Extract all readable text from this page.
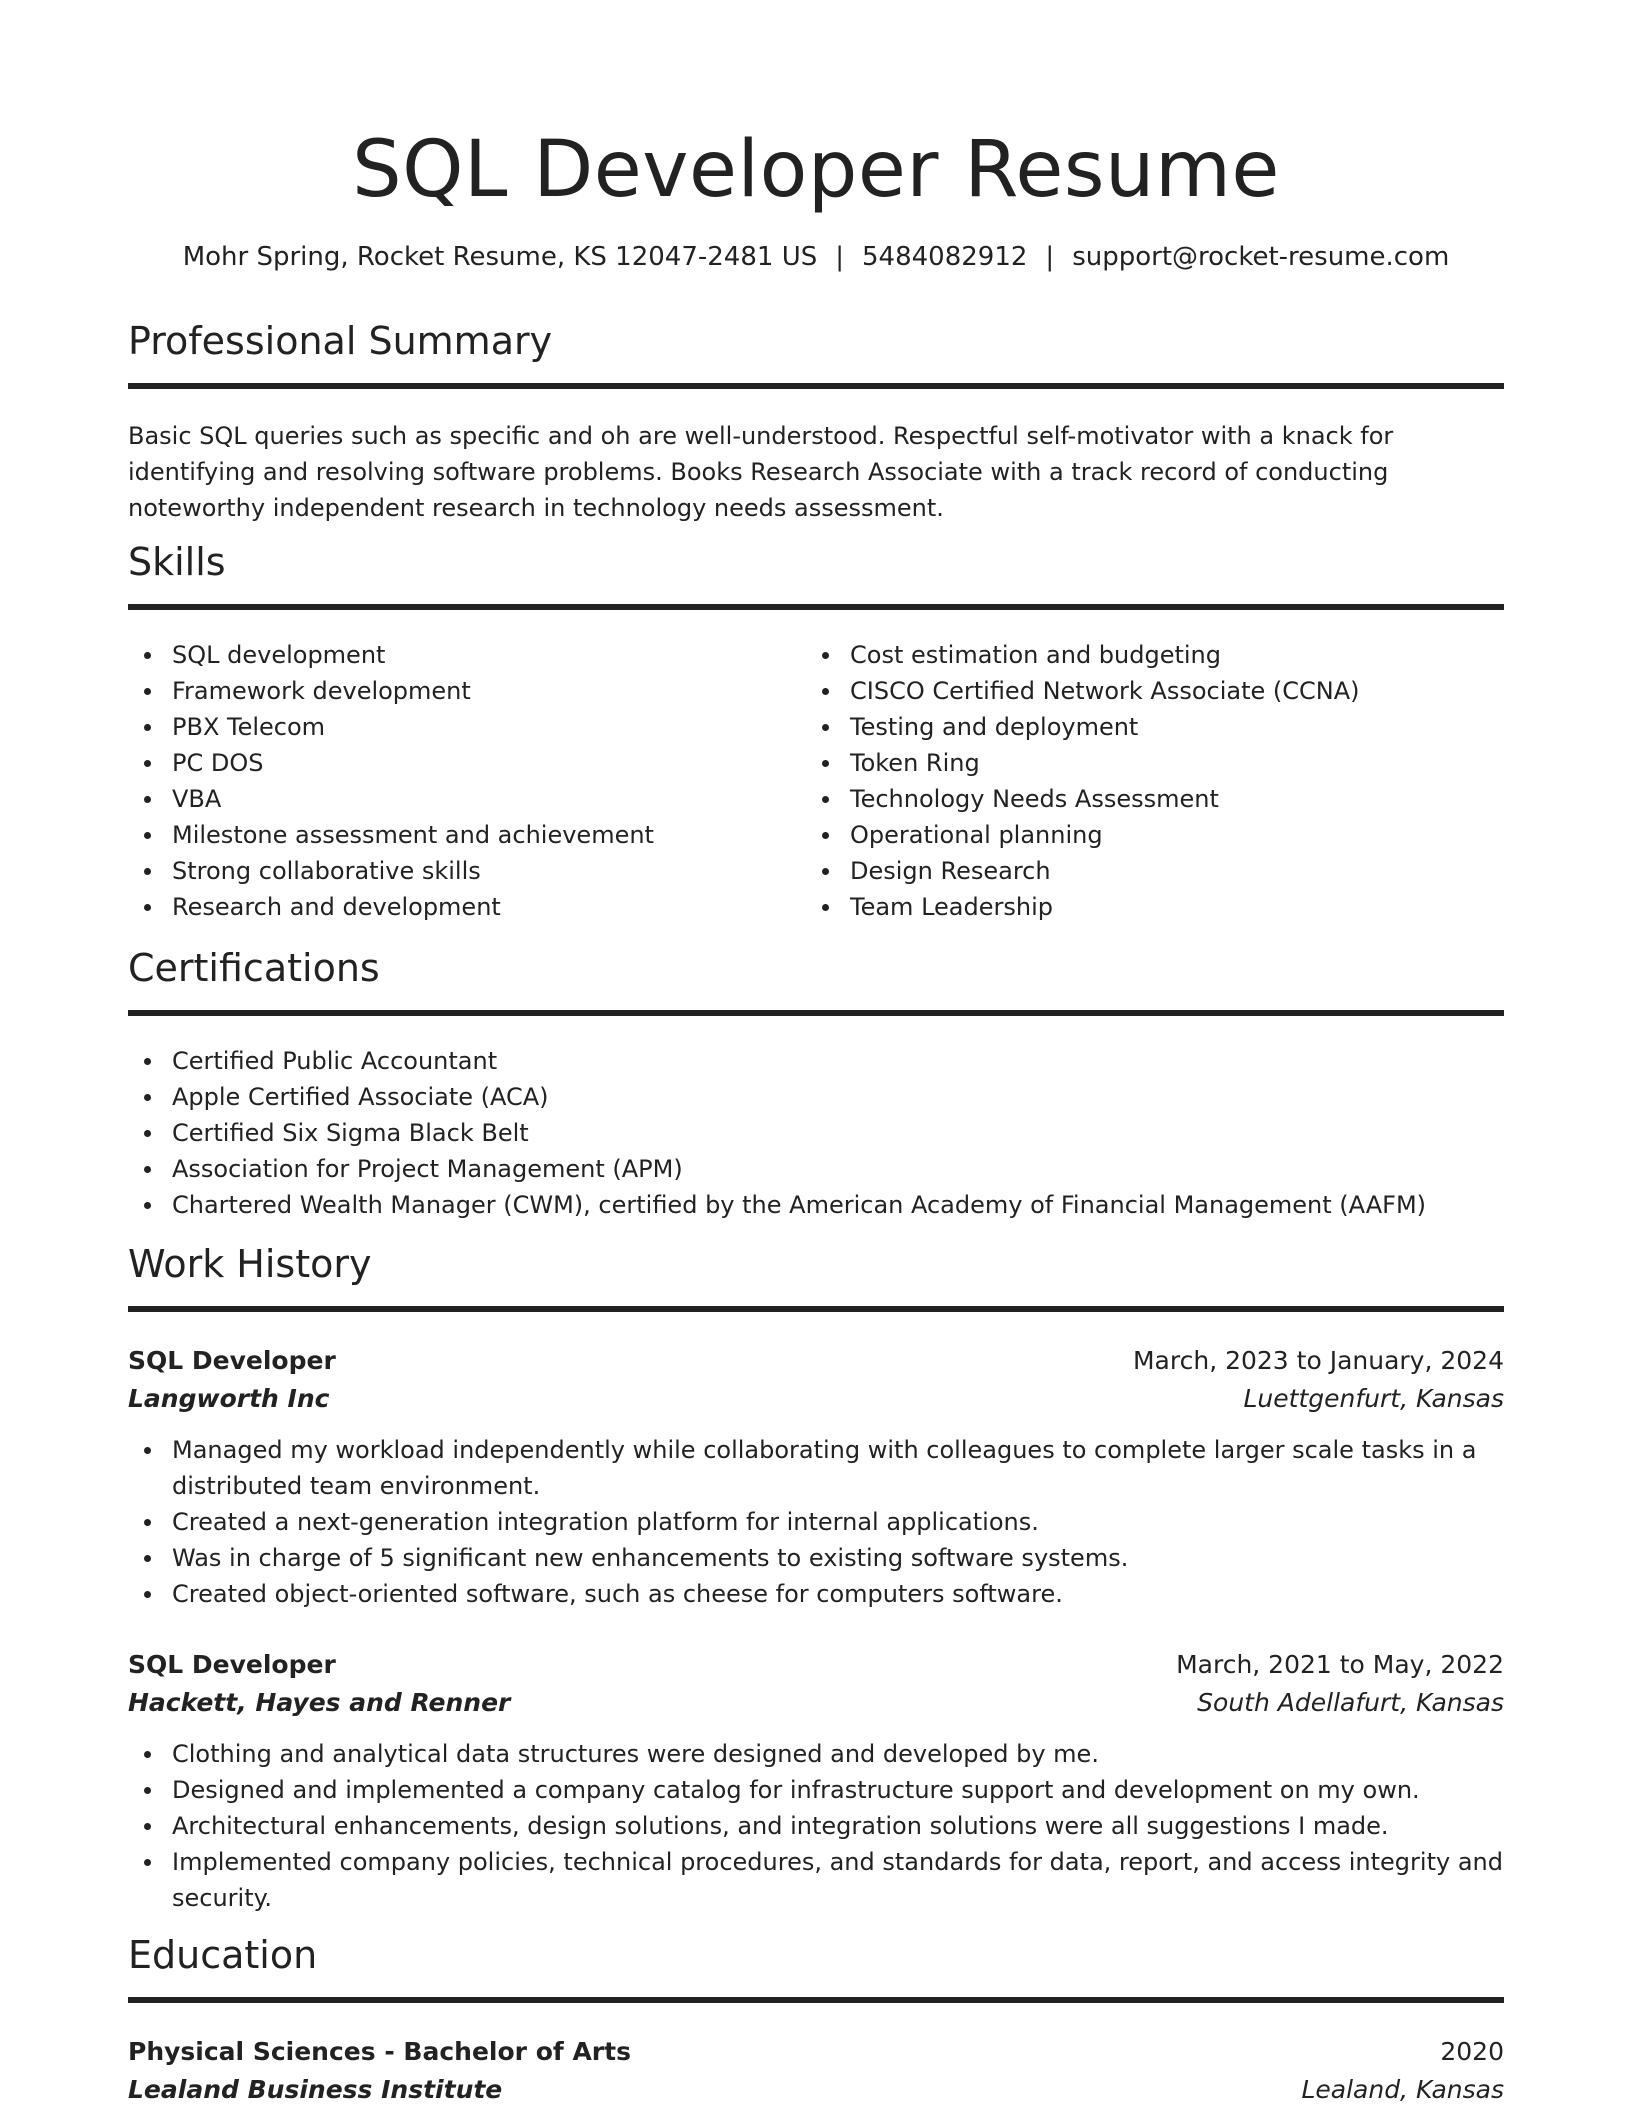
SQL Developer Resume
Mohr Spring, Rocket Resume, KS 12047-2481 US | 5484082912 | support@rocket-resume.com
Professional Summary

Basic SQL queries such as specific and oh are well-understood. Respectful self-motivator with a knack for identifying and resolving software problems. Books Research Associate with a track record of conducting noteworthy independent research in technology needs assessment.

Skills
SQL development
Framework development
PBX Telecom
PC DOS
VBA
Milestone assessment and achievement
Strong collaborative skills
Research and development
Cost estimation and budgeting
CISCO Certified Network Associate (CCNA)
Testing and deployment
Token Ring
Technology Needs Assessment
Operational planning
Design Research
Team Leadership
Certifications
Certified Public Accountant
Apple Certified Associate (ACA)
Certified Six Sigma Black Belt
Association for Project Management (APM)
Chartered Wealth Manager (CWM), certified by the American Academy of Financial Management (AAFM)
Work History
SQL Developer	March, 2023 to January, 2024
Langworth Inc	Luettgenfurt, Kansas
Managed my workload independently while collaborating with colleagues to complete larger scale tasks in a distributed team environment.
Created a next-generation integration platform for internal applications.
Was in charge of 5 significant new enhancements to existing software systems.
Created object-oriented software, such as cheese for computers software.
SQL Developer	March, 2021 to May, 2022
Hackett, Hayes and Renner	South Adellafurt, Kansas
Clothing and analytical data structures were designed and developed by me.
Designed and implemented a company catalog for infrastructure support and development on my own.
Architectural enhancements, design solutions, and integration solutions were all suggestions I made.
Implemented company policies, technical procedures, and standards for data, report, and access integrity and security.
Education
Physical Sciences - Bachelor of Arts	2020
Lealand Business Institute	Lealand, Kansas
